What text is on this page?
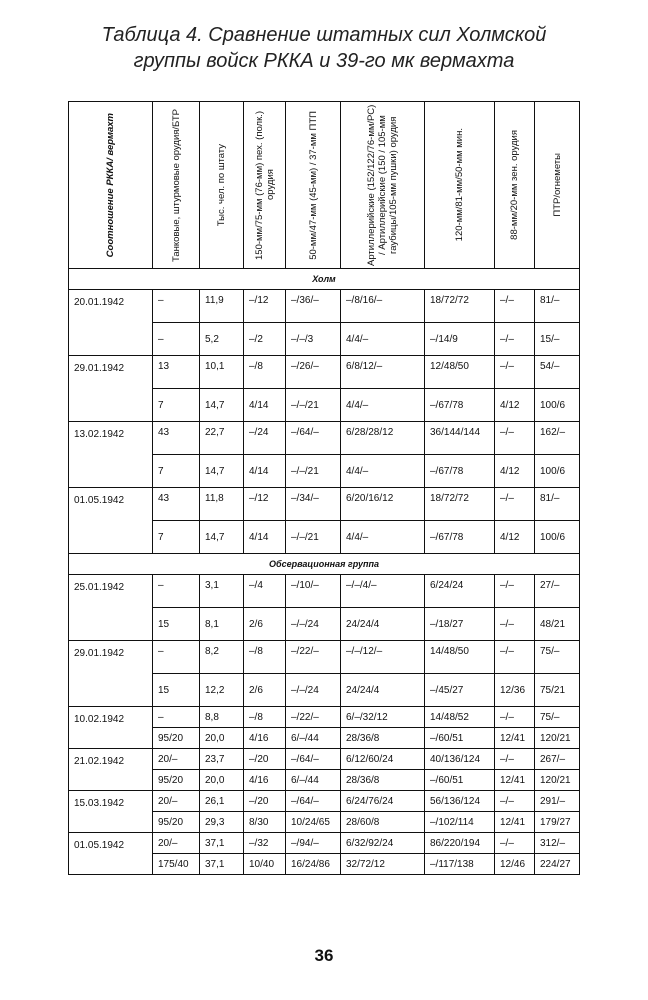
Таблица 4. Сравнение штатных сил Холмской
группы войск РККА и 39-го мк вермахта
Соотношение РККА/ вермахт	Танковые, штурмовые орудия/БТР	Тыс. чел. по штату	150-мм/75-мм (76-мм) пех. (полк.) орудия	50-мм/47-мм (45-мм) / 37-мм ПТП	Артиллерийские (152/122/76-мм/РС) / Артиллерийские (150 / 105-мм гаубицы/105-мм пушки) орудия	120-мм/81-мм/50-мм мин.	88-мм/20-мм зен. орудия	ПТР/огнеметы

Холм								
20.01.1942	–	11,9	–/12	–/36/–	–/8/16/–	18/72/72	–/–	81/–
	–	5,2	–/2	–/–/3	4/4/–	–/14/9	–/–	15/–
29.01.1942	13	10,1	–/8	–/26/–	6/8/12/–	12/48/50	–/–	54/–
	7	14,7	4/14	–/–/21	4/4/–	–/67/78	4/12	100/6
13.02.1942	43	22,7	–/24	–/64/–	6/28/28/12	36/144/144	–/–	162/–
	7	14,7	4/14	–/–/21	4/4/–	–/67/78	4/12	100/6
01.05.1942	43	11,8	–/12	–/34/–	6/20/16/12	18/72/72	–/–	81/–
	7	14,7	4/14	–/–/21	4/4/–	–/67/78	4/12	100/6
Обсервационная группа								
25.01.1942	–	3,1	–/4	–/10/–	–/–/4/–	6/24/24	–/–	27/–
	15	8,1	2/6	–/–/24	24/24/4	–/18/27	–/–	48/21
29.01.1942	–	8,2	–/8	–/22/–	–/–/12/–	14/48/50	–/–	75/–
	15	12,2	2/6	–/–/24	24/24/4	–/45/27	12/36	75/21
10.02.1942	–	8,8	–/8	–/22/–	6/–/32/12	14/48/52	–/–	75/–
	95/20	20,0	4/16	6/–/44	28/36/8	–/60/51	12/41	120/21
21.02.1942	20/–	23,7	–/20	–/64/–	6/12/60/24	40/136/124	–/–	267/–
	95/20	20,0	4/16	6/–/44	28/36/8	–/60/51	12/41	120/21
15.03.1942	20/–	26,1	–/20	–/64/–	6/24/76/24	56/136/124	–/–	291/–
	95/20	29,3	8/30	10/24/65	28/60/8	–/102/114	12/41	179/27
01.05.1942	20/–	37,1	–/32	–/94/–	6/32/92/24	86/220/194	–/–	312/–
	175/40	37,1	10/40	16/24/86	32/72/12	–/117/138	12/46	224/27
36
